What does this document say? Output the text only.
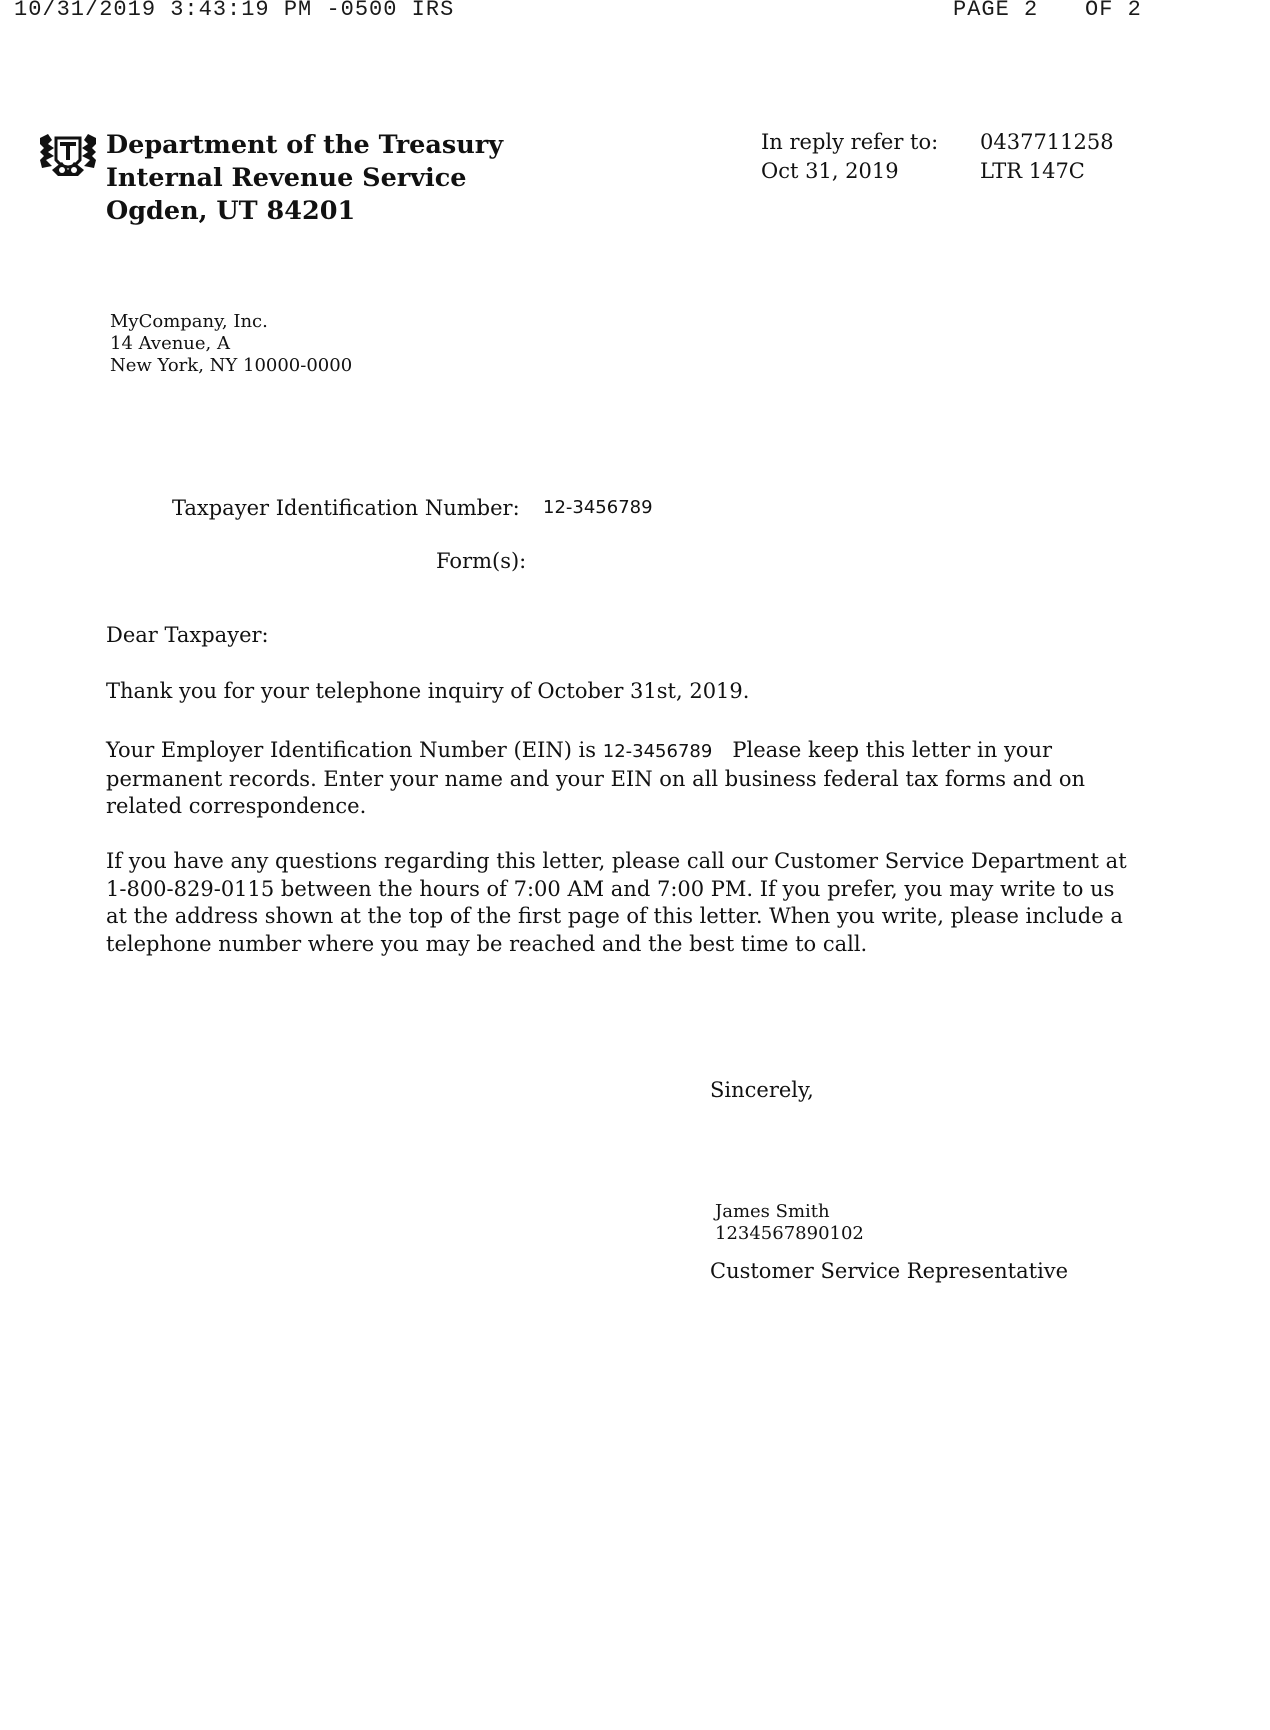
10/31/2019 3:43:19 PM -0500 IRS	PAGE 2 OF 2
Department of the Treasury
Internal Revenue Service
Ogden, UT 84201
In reply refer to: 0437711258
Oct 31, 2019	LTR 147C
MyCompany, Inc.
14 Avenue, A
New York, NY 10000-0000
Taxpayer Identification Number: 12-3456789
Form(s):
Dear Taxpayer:
Thank you for your telephone inquiry of October 31st, 2019.
Your Employer Identification Number (EIN) is 12-3456789 Please keep this letter in your
permanent records. Enter your name and your EIN on all business federal tax forms and on
related correspondence.
If you have any questions regarding this letter, please call our Customer Service Department at
1-800-829-0115 between the hours of 7:00 AM and 7:00 PM. If you prefer, you may write to us
at the address shown at the top of the first page of this letter. When you write, please include a
telephone number where you may be reached and the best time to call.
Sincerely,
James Smith
1234567890102
Customer Service Representative
